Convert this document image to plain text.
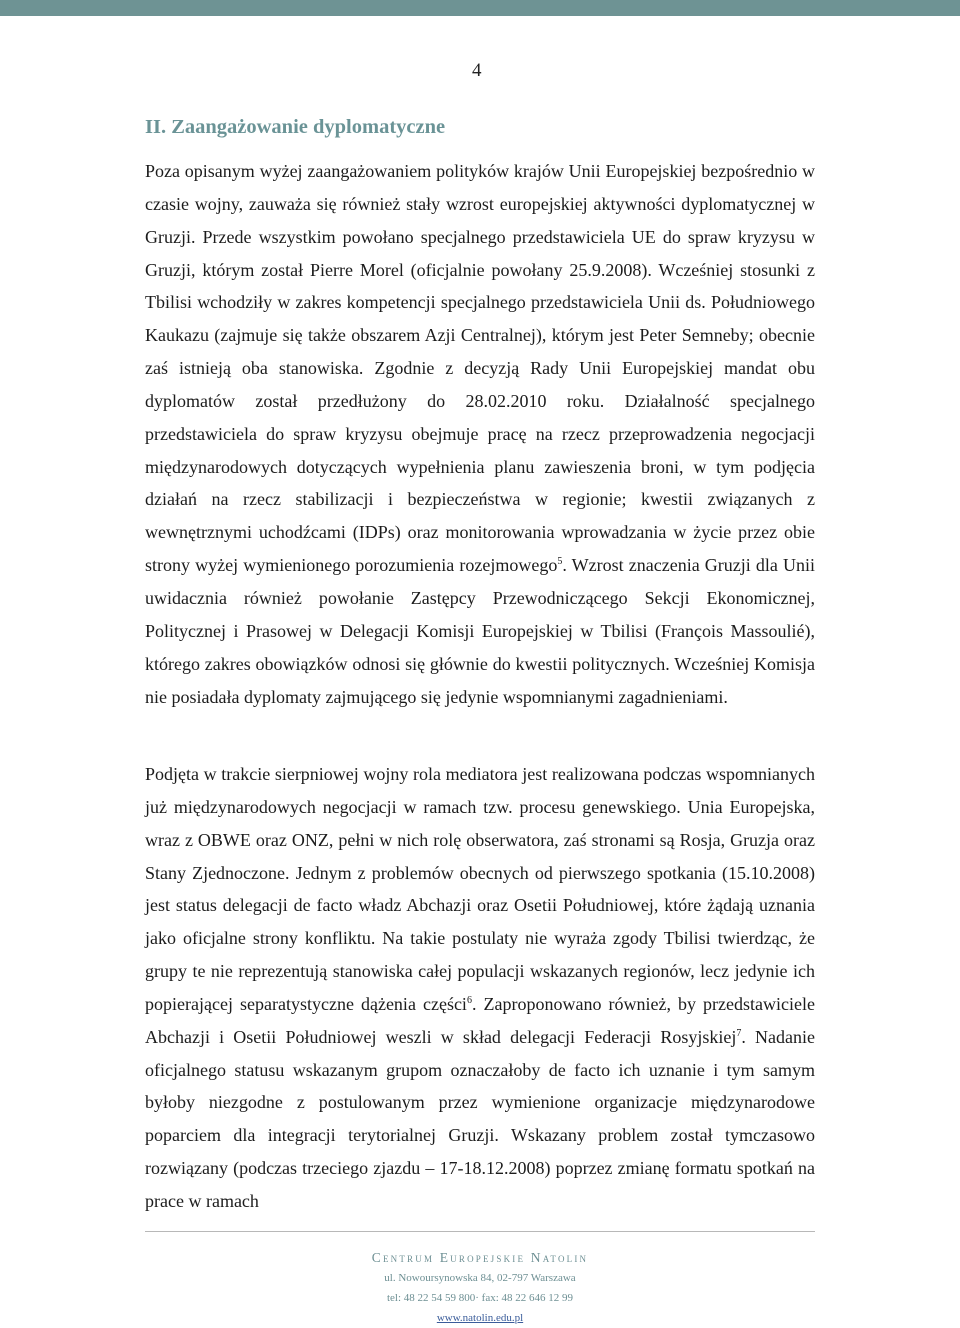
4
II. Zaangażowanie dyplomatyczne

Poza opisanym wyżej zaangażowaniem polityków krajów Unii Europejskiej bezpośrednio w czasie wojny, zauważa się również stały wzrost europejskiej aktywności dyplomatycznej w Gruzji. Przede wszystkim powołano specjalnego przedstawiciela UE do spraw kryzysu w Gruzji, którym został Pierre Morel (oficjalnie powołany 25.9.2008). Wcześniej stosunki z Tbilisi wchodziły w zakres kompetencji specjalnego przedstawiciela Unii ds. Południowego Kaukazu (zajmuje się także obszarem Azji Centralnej), którym jest Peter Semneby; obecnie zaś istnieją oba stanowiska. Zgodnie z decyzją Rady Unii Europejskiej mandat obu dyplomatów został przedłużony do 28.02.2010 roku. Działalność specjalnego przedstawiciela do spraw kryzysu obejmuje pracę na rzecz przeprowadzenia negocjacji międzynarodowych dotyczących wypełnienia planu zawieszenia broni, w tym podjęcia działań na rzecz stabilizacji i bezpieczeństwa w regionie; kwestii związanych z wewnętrznymi uchodźcami (IDPs) oraz monitorowania wprowadzania w życie przez obie strony wyżej wymienionego porozumienia rozejmowego$^5$. Wzrost znaczenia Gruzji dla Unii uwidacznia również powołanie Zastępcy Przewodniczącego Sekcji Ekonomicznej, Politycznej i Prasowej w Delegacji Komisji Europejskiej w Tbilisi (François Massoulié), którego zakres obowiązków odnosi się głównie do kwestii politycznych. Wcześniej Komisja nie posiadała dyplomaty zajmującego się jedynie wspomnianymi zagadnieniami.

Podjęta w trakcie sierpniowej wojny rola mediatora jest realizowana podczas wspomnianych już międzynarodowych negocjacji w ramach tzw. procesu genewskiego. Unia Europejska, wraz z OBWE oraz ONZ, pełni w nich rolę obserwatora, zaś stronami są Rosja, Gruzja oraz Stany Zjednoczone. Jednym z problemów obecnych od pierwszego spotkania (15.10.2008) jest status delegacji de facto władz Abchazji oraz Osetii Południowej, które żądają uznania jako oficjalne strony konfliktu. Na takie postulaty nie wyraża zgody Tbilisi twierdząc, że grupy te nie reprezentują stanowiska całej populacji wskazanych regionów, lecz jedynie ich popierającej separatystyczne dążenia części$^6$. Zaproponowano również, by przedstawiciele Abchazji i Osetii Południowej weszli w skład delegacji Federacji Rosyjskiej$^7$. Nadanie oficjalnego statusu wskazanym grupom oznaczałoby de facto ich uznanie i tym samym byłoby niezgodne z postulowanym przez wymienione organizacje międzynarodowe poparciem dla integracji terytorialnej Gruzji. Wskazany problem został tymczasowo rozwiązany (podczas trzeciego zjazdu – 17-18.12.2008) poprzez zmianę formatu spotkań na prace w ramach

Centrum Europejskie Natolin
ul. Nowoursynowska 84, 02-797 Warszawa
tel: 48 22 54 59 800· fax: 48 22 646 12 99
www.natolin.edu.pl
